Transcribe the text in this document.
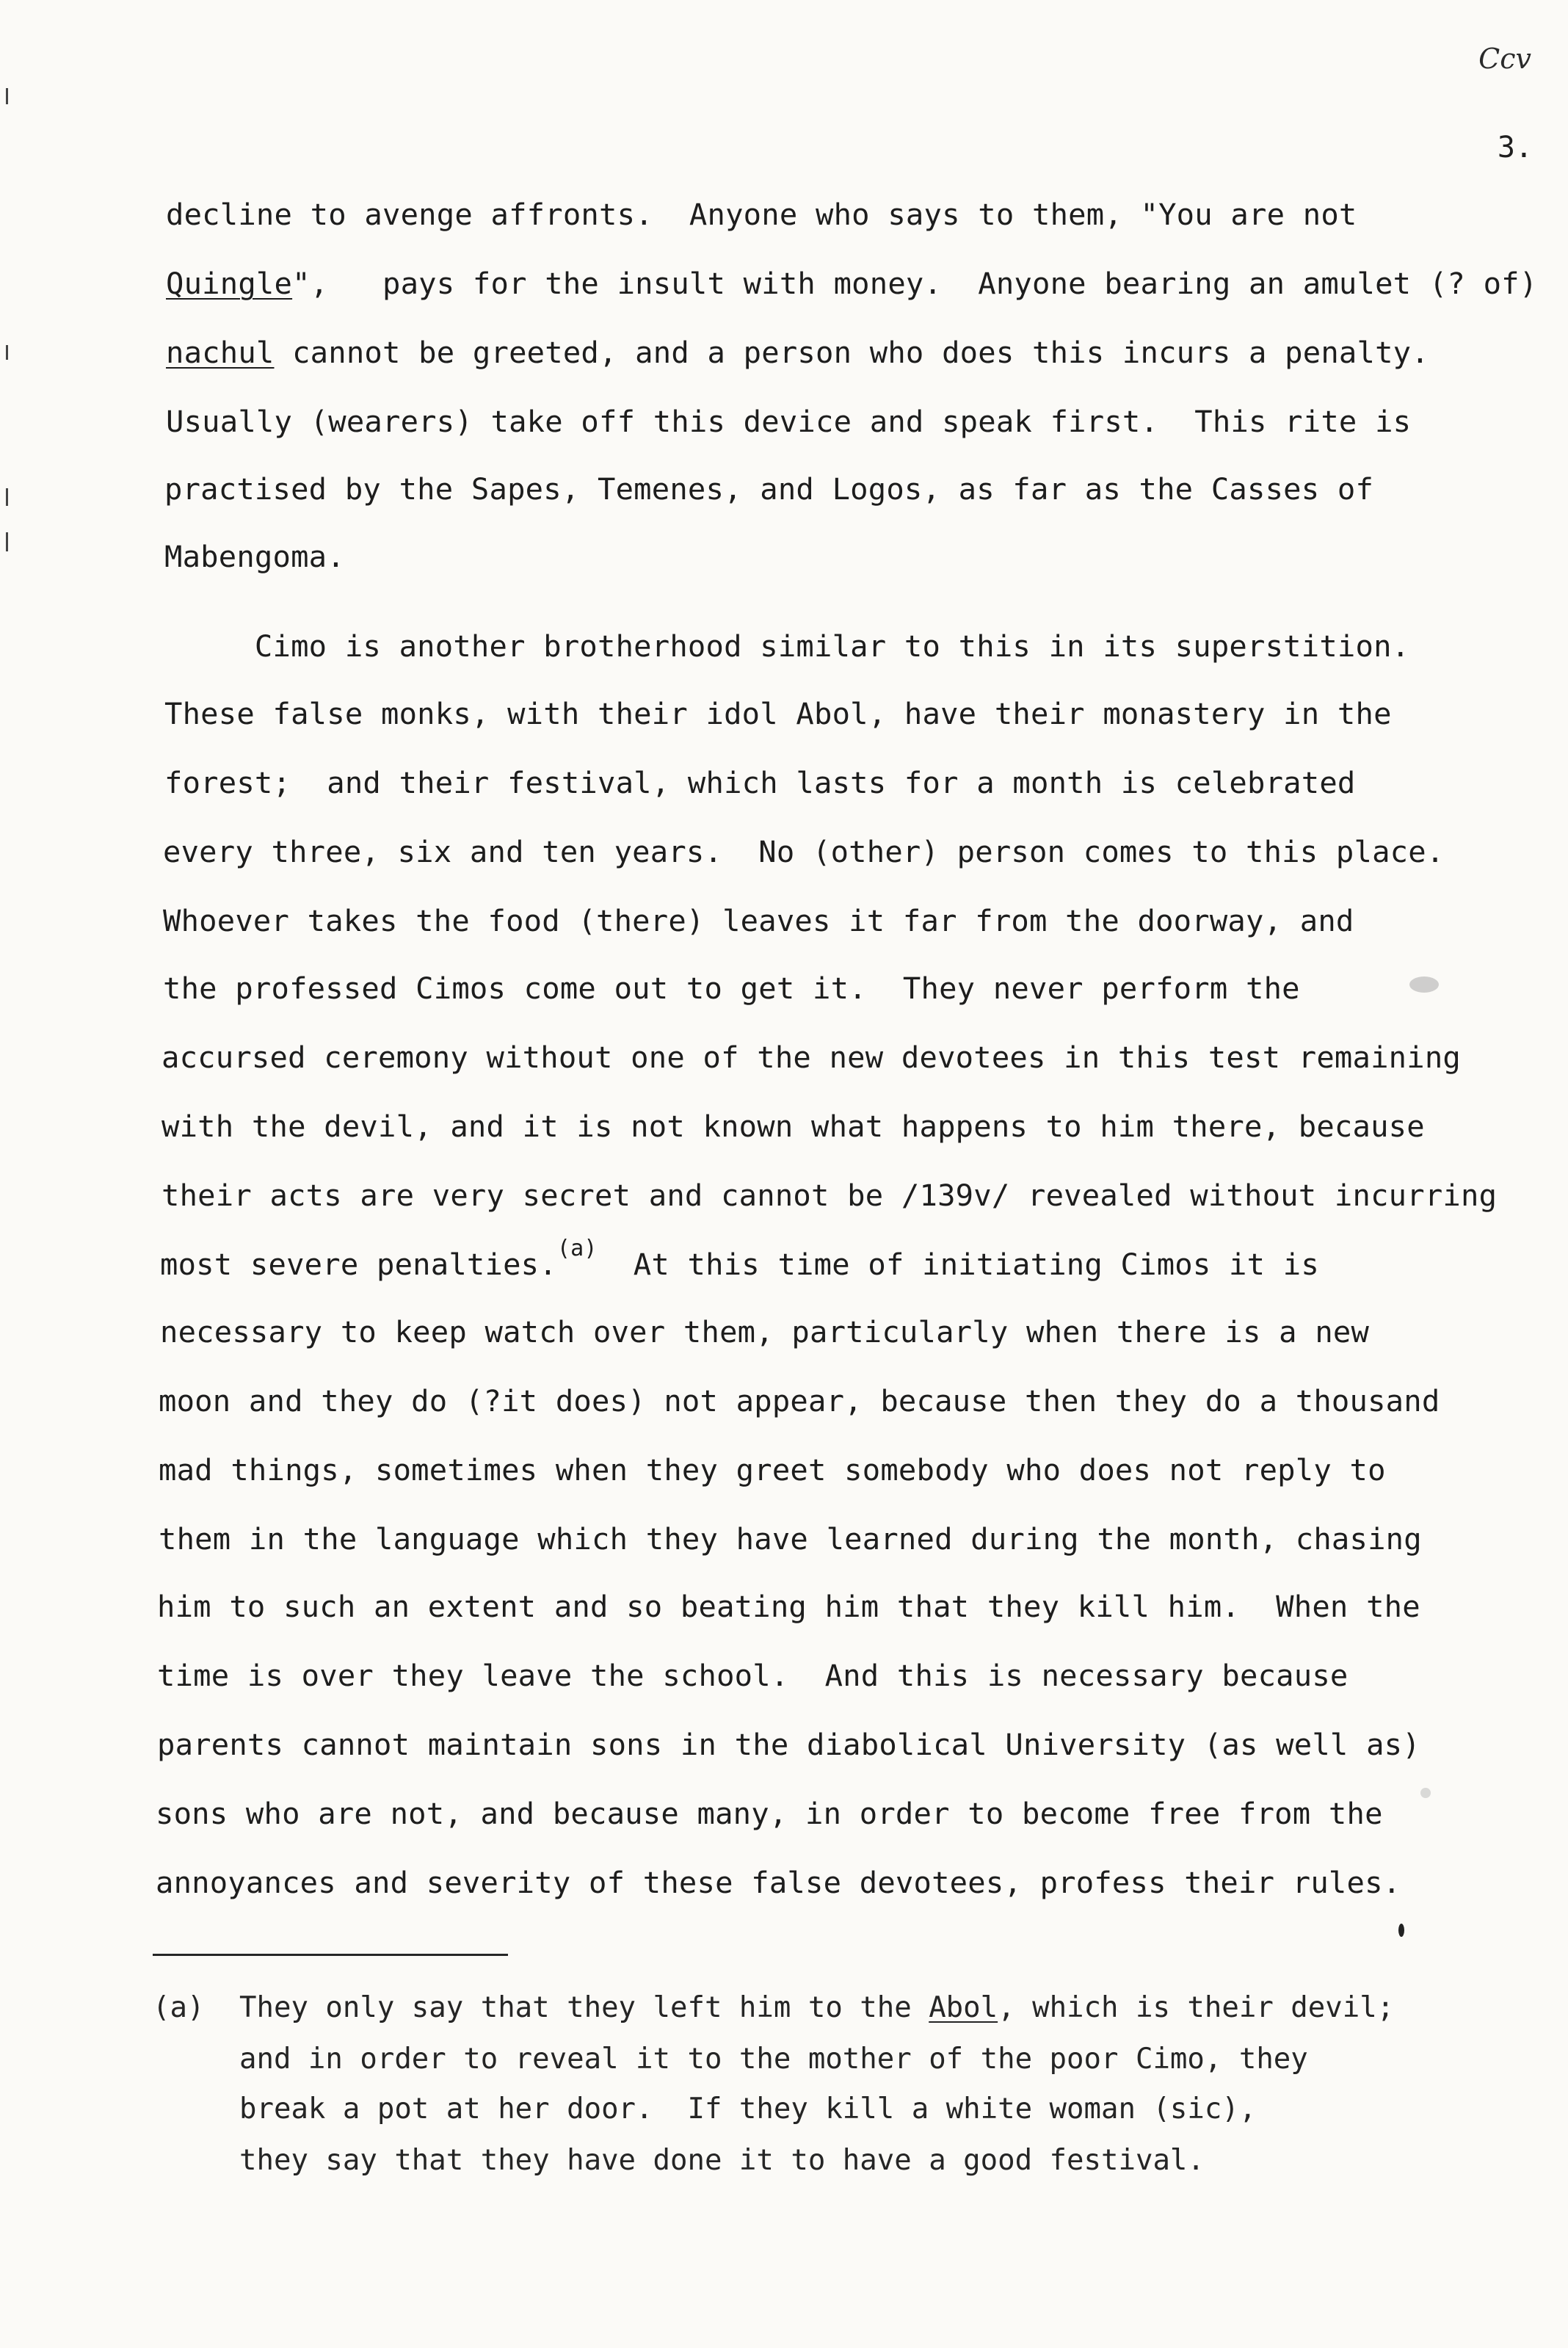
Ccv
3.
decline to avenge affronts.  Anyone who says to them, "You are not
Quingle",   pays for the insult with money.  Anyone bearing an amulet (? of)
nachul cannot be greeted, and a person who does this incurs a penalty.
Usually (wearers) take off this device and speak first.  This rite is
practised by the Sapes, Temenes, and Logos, as far as the Casses of
Mabengoma.
Cimo is another brotherhood similar to this in its superstition.
These false monks, with their idol Abol, have their monastery in the
forest;  and their festival, which lasts for a month is celebrated
every three, six and ten years.  No (other) person comes to this place.
Whoever takes the food (there) leaves it far from the doorway, and
the professed Cimos come out to get it.  They never perform the
accursed ceremony without one of the new devotees in this test remaining
with the devil, and it is not known what happens to him there, because
their acts are very secret and cannot be /139v/ revealed without incurring
most severe penalties.$^{(a)}$  At this time of initiating Cimos it is
necessary to keep watch over them, particularly when there is a new
moon and they do (?it does) not appear, because then they do a thousand
mad things, sometimes when they greet somebody who does not reply to
them in the language which they have learned during the month, chasing
him to such an extent and so beating him that they kill him.  When the
time is over they leave the school.  And this is necessary because
parents cannot maintain sons in the diabolical University (as well as)
sons who are not, and because many, in order to become free from the
annoyances and severity of these false devotees, profess their rules.
(a) They only say that they left him to the Abol, which is their devil;
and in order to reveal it to the mother of the poor Cimo, they
break a pot at her door.  If they kill a white woman (sic),
they say that they have done it to have a good festival.
